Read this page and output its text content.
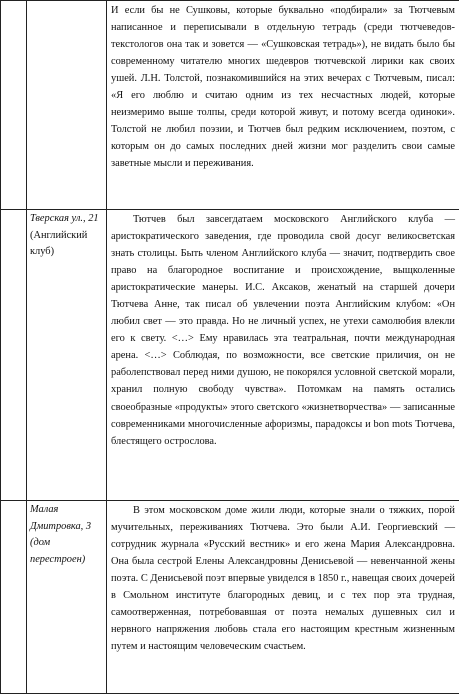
		И если бы не Сушковы, которые буквально «подбирали» за Тютчевым написанное и переписывали в отдельную тетрадь (среди тютчеведов-текстологов она так и зовется — «Сушковская тетрадь»), не видать было бы современному читателю многих шедевров тютчевской лирики как своих ушей. Л.Н. Толстой, познакомившийся на этих вечерах с Тютчевым, писал: «Я его люблю и считаю одним из тех несчастных людей, которые неизмеримо выше толпы, среди которой живут, и потому всегда одиноки». Толстой не любил поэзии, и Тютчев был редким исключением, поэтом, с которым он до самых последних дней жизни мог разделить свои самые заветные мысли и переживания.

	Тверская ул., 21 (Английский клуб)	Тютчев был завсегдатаем московского Английского клуба — аристократического заведения, где проводила свой досуг великосветская знать столицы. Быть членом Английского клуба — значит, подтвердить свое право на благородное воспитание и происхождение, выщколенные аристократические манеры. И.С. Аксаков, женатый на старшей дочери Тютчева Анне, так писал об увлечении поэта Английским клубом: «Он любил свет — это правда. Но не личный успех, не утехи самолюбия влекли его к свету. <…> Ему нравилась эта театральная, почти международная арена. <…> Соблюдая, по возможности, все светские приличия, он не раболепствовал перед ними душою, не покорялся условной светской морали, хранил полную свободу чувства». Потомкам на память остались своеобразные «продукты» этого светского «жизнетворчества» — записанные современниками многочисленные афоризмы, парадоксы и bon mots Тютчева, блестящего острослова.

	Малая Дмитровка, 3 (дом перестроен)	В этом московском доме жили люди, которые знали о тяжких, порой мучительных, переживаниях Тютчева. Это были А.И. Георгиевский — сотрудник журнала «Русский вестник» и его жена Мария Александровна. Она была сестрой Елены Александровны Денисьевой — невенчанной жены поэта. С Денисьевой поэт впервые увиделся в 1850 г., навещая своих дочерей в Смольном институте благородных девиц, и с тех пор эта трудная, самоотверженная, потребовавшая от поэта немалых душевных сил и нервного напряжения любовь стала его настоящим крестным жизненным путем и настоящим человеческим счастьем.
